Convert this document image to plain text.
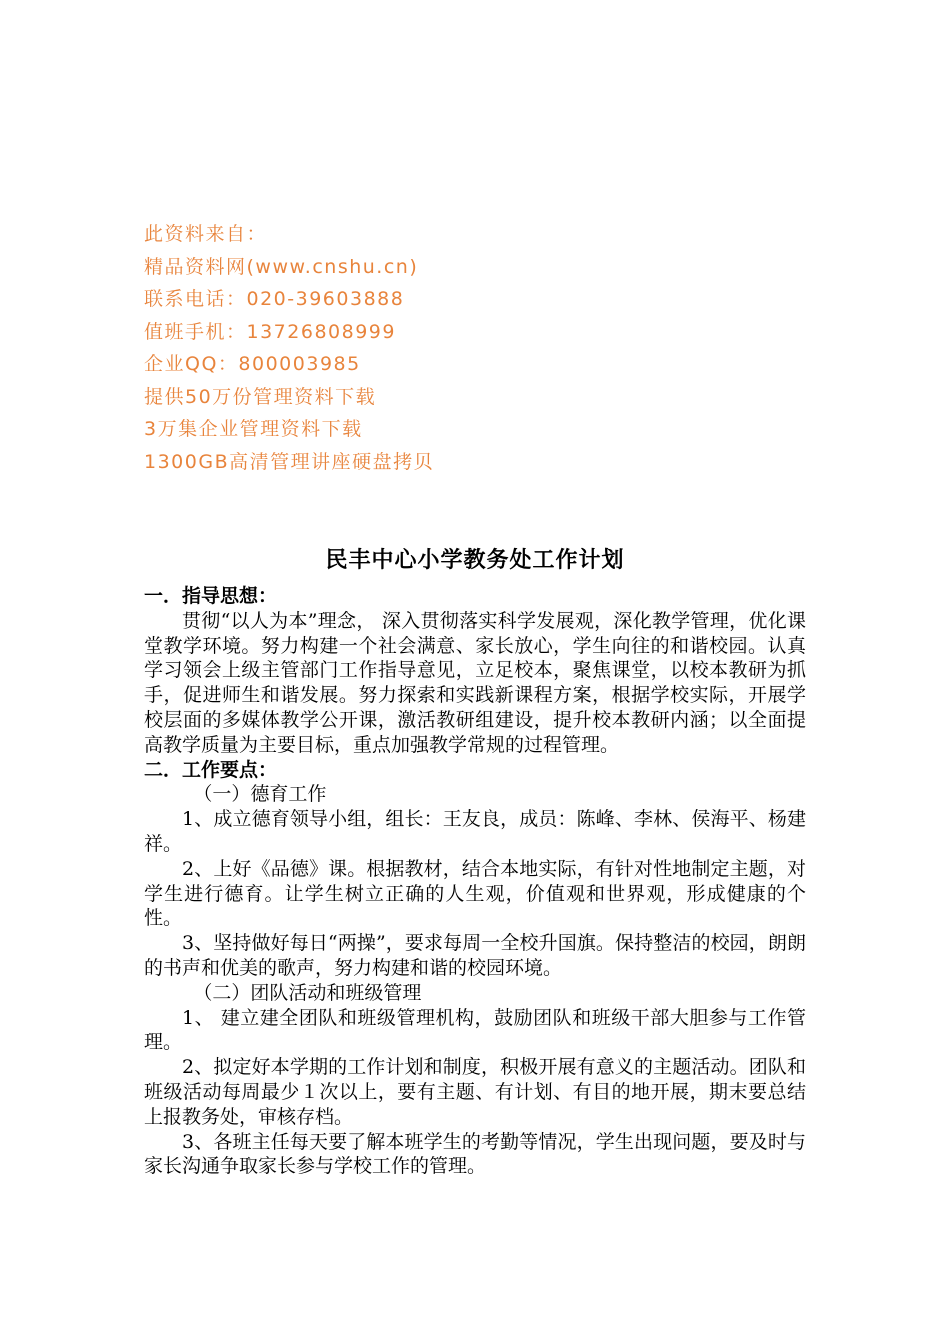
此资料来自：
精品资料网(www.cnshu.cn)
联系电话：020-39603888
值班手机：13726808999
企业QQ：800003985
提供50万份管理资料下载
3万集企业管理资料下载
1300GB高清管理讲座硬盘拷贝
民丰中心小学教务处工作计划

一．指导思想：

贯彻“以人为本”理念， 深入贯彻落实科学发展观，深化教学管理，优化课堂教学环境。努力构建一个社会满意、家长放心，学生向往的和谐校园。认真学习领会上级主管部门工作指导意见，立足校本，聚焦课堂，以校本教研为抓手，促进师生和谐发展。努力探索和实践新课程方案，根据学校实际，开展学校层面的多媒体教学公开课，激活教研组建设，提升校本教研内涵；以全面提高教学质量为主要目标，重点加强教学常规的过程管理。

二．工作要点：

（一）德育工作

1、成立德育领导小组，组长：王友良，成员：陈峰、李林、侯海平、杨建祥。

2、上好《品德》课。根据教材，结合本地实际，有针对性地制定主题，对学生进行德育。让学生树立正确的人生观，价值观和世界观，形成健康的个性。

3、坚持做好每日“两操”，要求每周一全校升国旗。保持整洁的校园，朗朗的书声和优美的歌声，努力构建和谐的校园环境。

（二）团队活动和班级管理

1、 建立建全团队和班级管理机构，鼓励团队和班级干部大胆参与工作管理。

2、拟定好本学期的工作计划和制度，积极开展有意义的主题活动。团队和班级活动每周最少１次以上，要有主题、有计划、有目的地开展，期末要总结上报教务处，审核存档。

3、各班主任每天要了解本班学生的考勤等情况，学生出现问题，要及时与家长沟通争取家长参与学校工作的管理。
